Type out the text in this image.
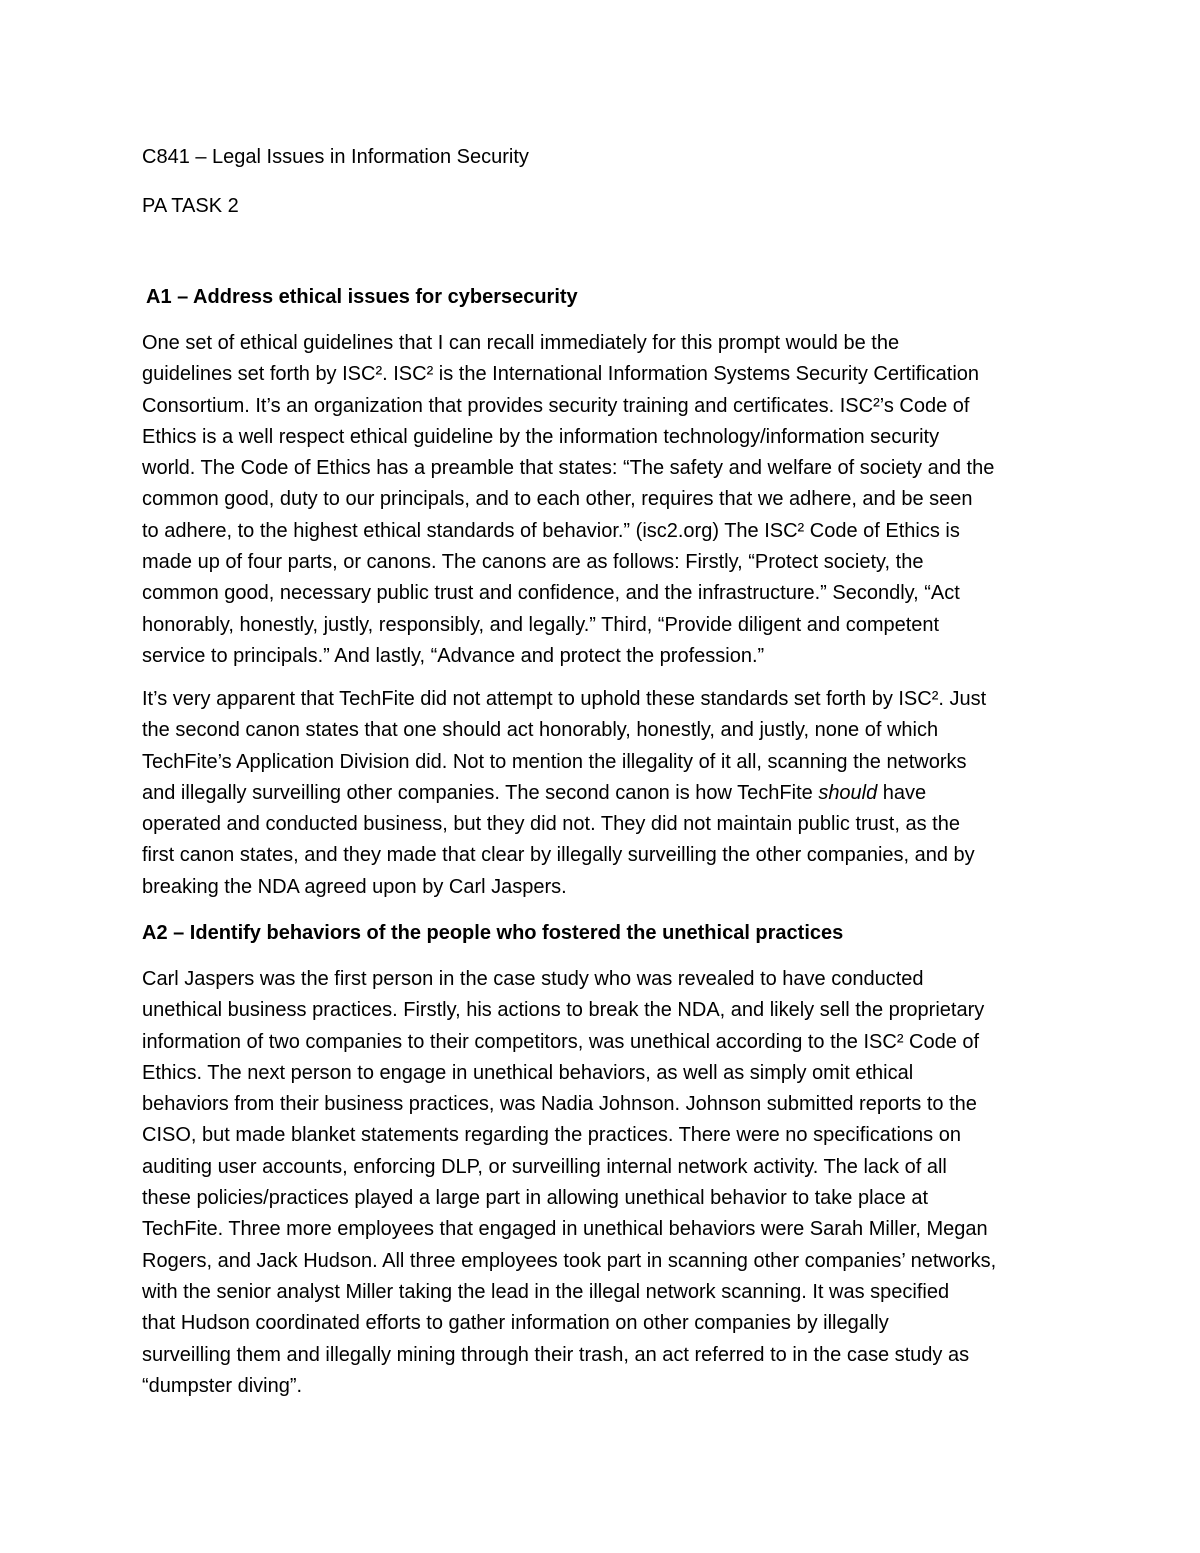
C841 – Legal Issues in Information Security
PA TASK 2
A1 – Address ethical issues for cybersecurity
One set of ethical guidelines that I can recall immediately for this prompt would be the
guidelines set forth by ISC². ISC² is the International Information Systems Security Certification
Consortium. It’s an organization that provides security training and certificates. ISC²’s Code of
Ethics is a well respect ethical guideline by the information technology/information security
world. The Code of Ethics has a preamble that states: “The safety and welfare of society and the
common good, duty to our principals, and to each other, requires that we adhere, and be seen
to adhere, to the highest ethical standards of behavior.” (isc2.org) The ISC² Code of Ethics is
made up of four parts, or canons. The canons are as follows: Firstly, “Protect society, the
common good, necessary public trust and confidence, and the infrastructure.” Secondly, “Act
honorably, honestly, justly, responsibly, and legally.” Third, “Provide diligent and competent
service to principals.” And lastly, “Advance and protect the profession.”
It’s very apparent that TechFite did not attempt to uphold these standards set forth by ISC². Just
the second canon states that one should act honorably, honestly, and justly, none of which
TechFite’s Application Division did. Not to mention the illegality of it all, scanning the networks
and illegally surveilling other companies. The second canon is how TechFite should have
operated and conducted business, but they did not. They did not maintain public trust, as the
first canon states, and they made that clear by illegally surveilling the other companies, and by
breaking the NDA agreed upon by Carl Jaspers.
A2 – Identify behaviors of the people who fostered the unethical practices
Carl Jaspers was the first person in the case study who was revealed to have conducted
unethical business practices. Firstly, his actions to break the NDA, and likely sell the proprietary
information of two companies to their competitors, was unethical according to the ISC² Code of
Ethics. The next person to engage in unethical behaviors, as well as simply omit ethical
behaviors from their business practices, was Nadia Johnson. Johnson submitted reports to the
CISO, but made blanket statements regarding the practices. There were no specifications on
auditing user accounts, enforcing DLP, or surveilling internal network activity. The lack of all
these policies/practices played a large part in allowing unethical behavior to take place at
TechFite. Three more employees that engaged in unethical behaviors were Sarah Miller, Megan
Rogers, and Jack Hudson. All three employees took part in scanning other companies’ networks,
with the senior analyst Miller taking the lead in the illegal network scanning. It was specified
that Hudson coordinated efforts to gather information on other companies by illegally
surveilling them and illegally mining through their trash, an act referred to in the case study as
“dumpster diving”.
